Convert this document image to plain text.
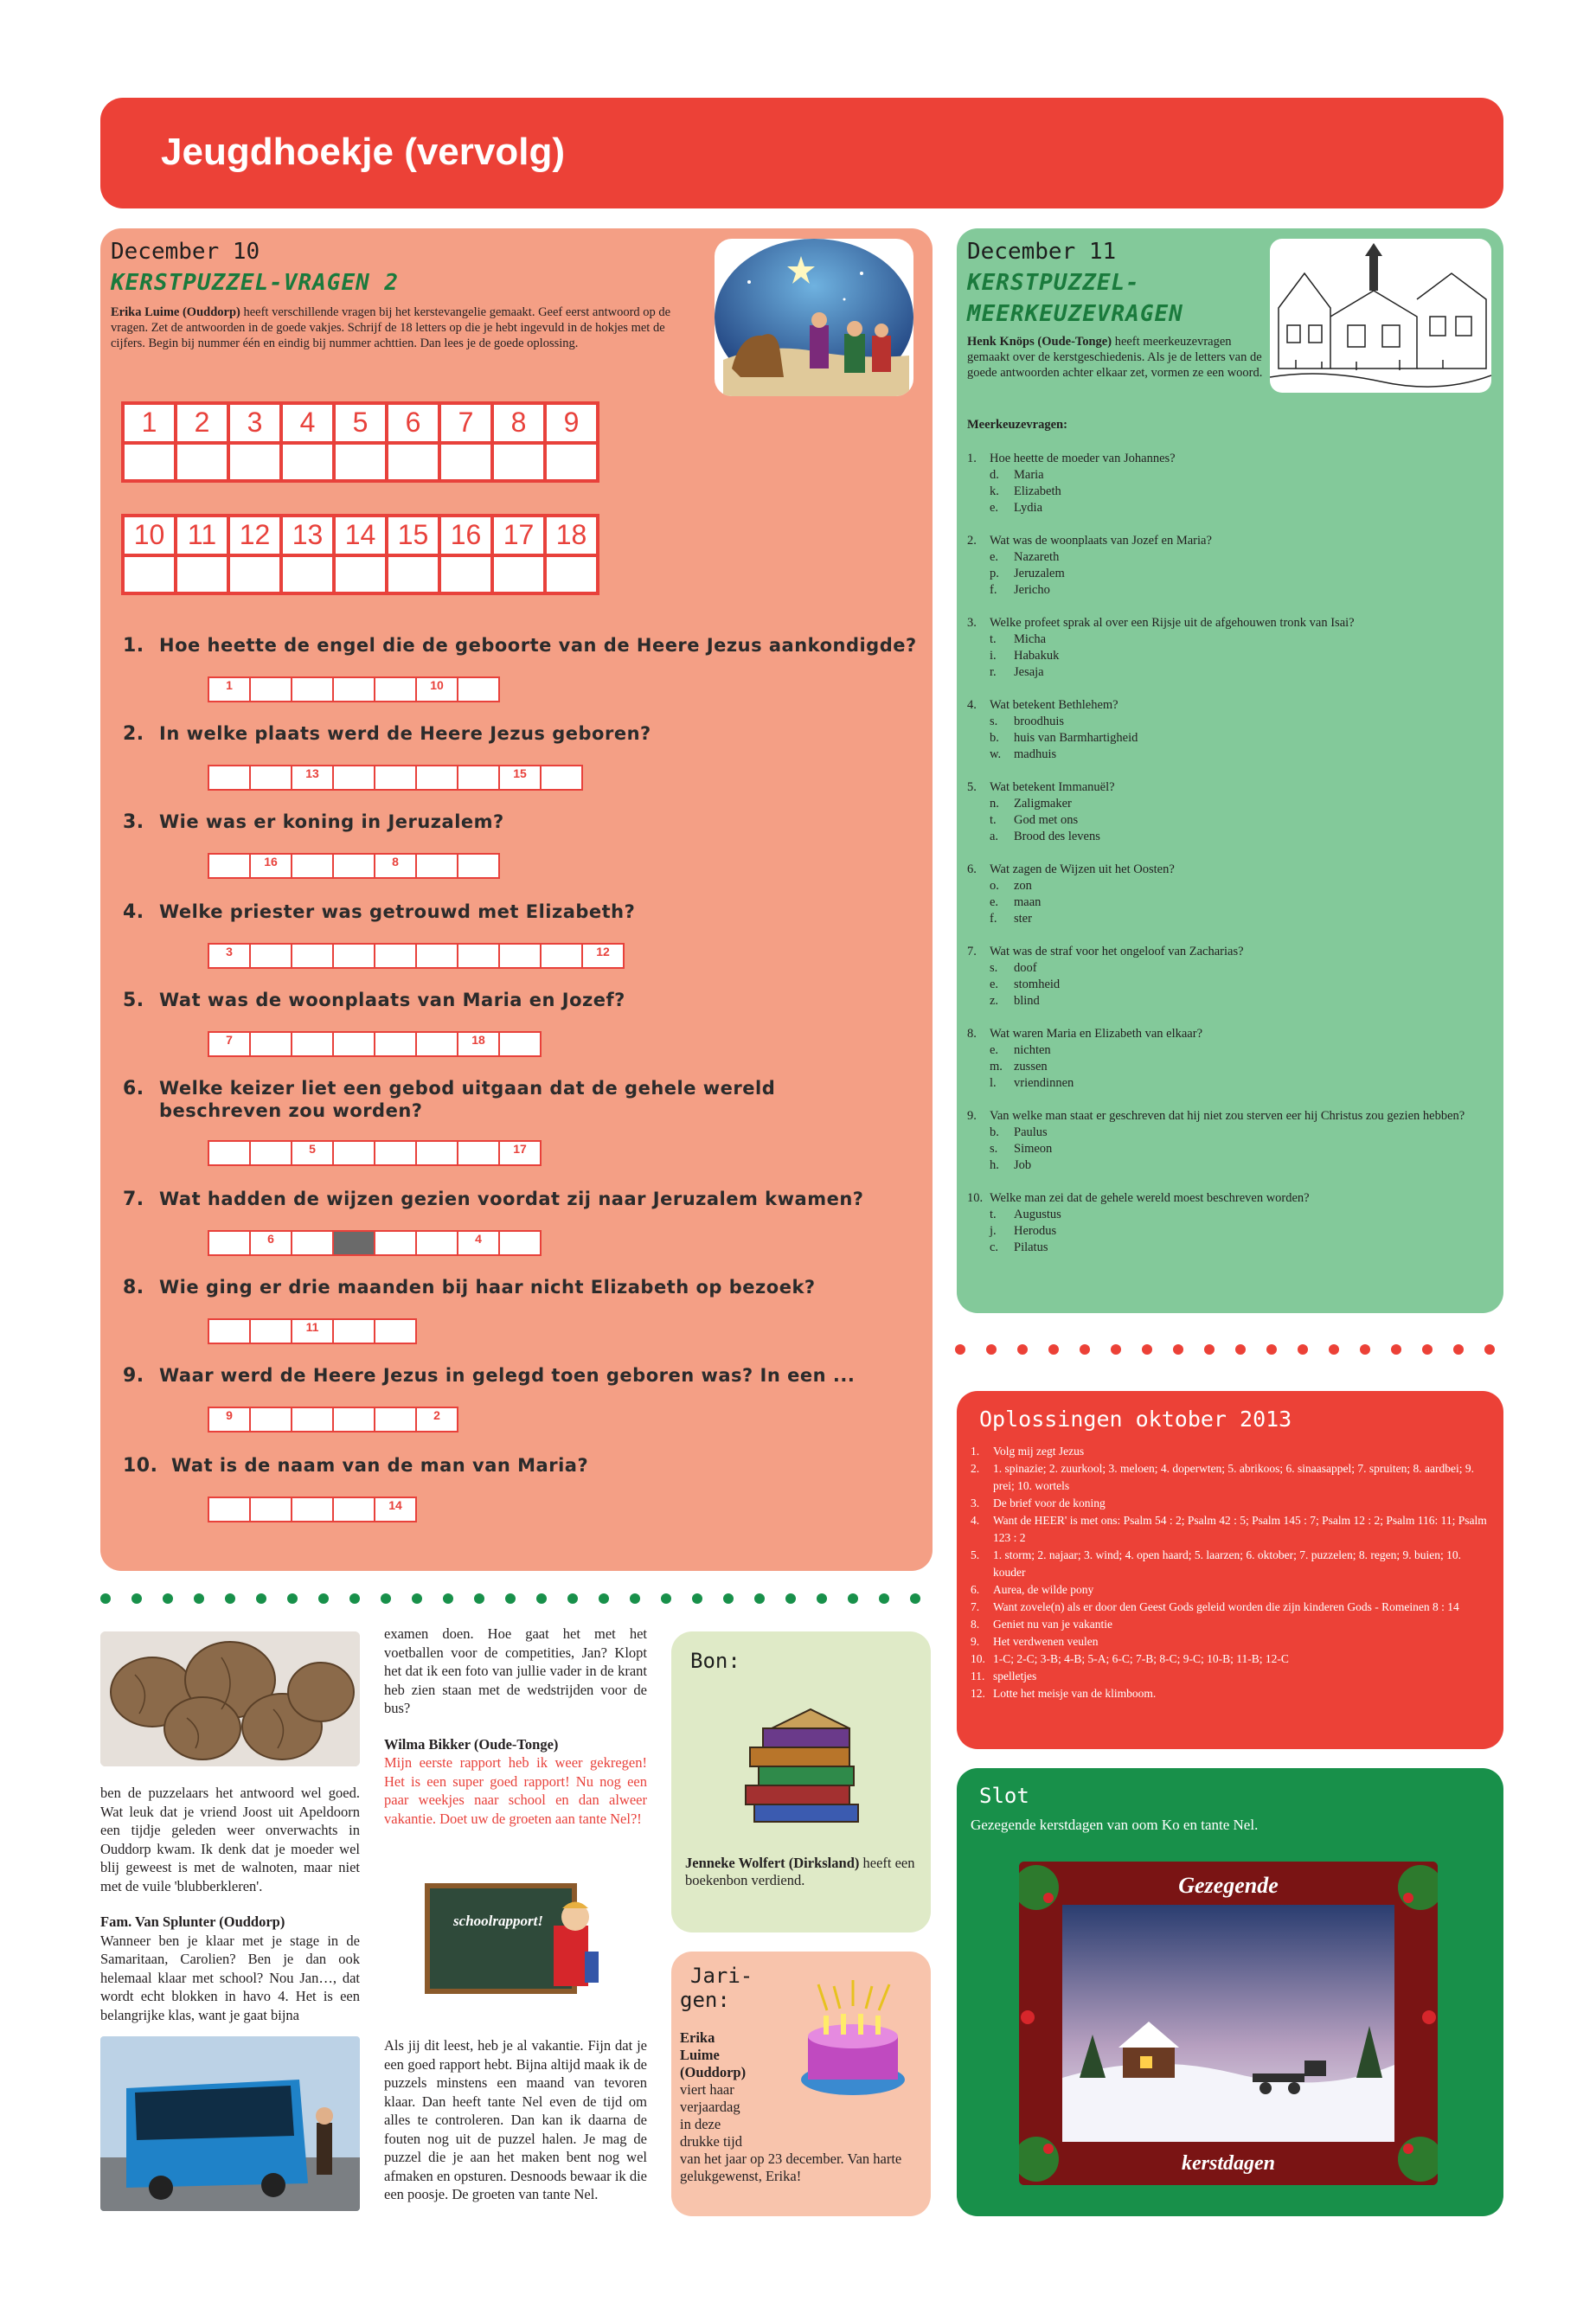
Jeugdhoekje (vervolg)
December 10
KERSTPUZZEL-VRAGEN 2
Erika Luime (Ouddorp) heeft verschillende vragen bij het kerstevangelie gemaakt. Geef eerst antwoord op de vragen. Zet de antwoorden in de goede vakjes. Schrijf de 18 letters op die je hebt ingevuld in de hokjes met de cijfers. Begin bij nummer één en eindig bij nummer achttien. Dan lees je de goede oplossing.
1	2	3	4	5	6	7	8	9
10 11 12 13 14 15 16 17 18
1. Hoe heette de engel die de geboorte van de Heere Jezus aankondigde?
1	10
2. In welke plaats werd de Heere Jezus geboren?
13	15
3. Wie was er koning in Jeruzalem?
16	8
4. Welke priester was getrouwd met Elizabeth?
3	12
5. Wat was de woonplaats van Maria en Jozef?
7	18
6. Welke keizer liet een gebod uitgaan dat de gehele wereld
beschreven zou worden?
5	17
7. Wat hadden de wijzen gezien voordat zij naar Jeruzalem kwamen?
6	4
8. Wie ging er drie maanden bij haar nicht Elizabeth op bezoek?
11
9. Waar werd de Heere Jezus in gelegd toen geboren was? In een ...
9	2
10. Wat is de naam van de man van Maria?
14
December 11
KERSTPUZZEL-
MEERKEUZEVRAGEN
Henk Knöps (Oude-Tonge) heeft meerkeuzevragen gemaakt over de kerstgeschiedenis. Als je de letters van de goede antwoorden achter elkaar zet, vormen ze een woord.
Meerkeuzevragen:
1.	Hoe heette de moeder van Johannes?
d.	Maria
k.	Elizabeth
e.	Lydia
2.	Wat was de woonplaats van Jozef en Maria?
e.	Nazareth
p.	Jeruzalem
f.	Jericho
3.	Welke profeet sprak al over een Rijsje uit de afgehouwen tronk van Isai?
t.	Micha
i.	Habakuk
r.	Jesaja
4.	Wat betekent Bethlehem?
s.	broodhuis
b.	huis van Barmhartigheid
w.	madhuis
5.	Wat betekent Immanuël?
n.	Zaligmaker
t.	God met ons
a.	Brood des levens
6.	Wat zagen de Wijzen uit het Oosten?
o.	zon
e.	maan
f.	ster
7.	Wat was de straf voor het ongeloof van Zacharias?
s.	doof
e.	stomheid
z.	blind
8.	Wat waren Maria en Elizabeth van elkaar?
e.	nichten
m. zussen
l.	vriendinnen
9.	Van welke man staat er geschreven dat hij niet zou sterven eer hij Christus zou gezien hebben?
b.	Paulus
s.	Simeon
h.	Job
10. Welke man zei dat de gehele wereld moest beschreven worden?
t.	Augustus
j.	Herodus
c.	Pilatus
Oplossingen oktober 2013
1.	Volg mij zegt Jezus
2.	1. spinazie; 2. zuurkool; 3. meloen; 4. doperwten; 5. abrikoos; 6. sinaasappel; 7. spruiten; 8. aardbei; 9. prei; 10. wortels
3.	De brief voor de koning
4.	Want de HEER' is met ons: Psalm 54 : 2; Psalm 42 : 5; Psalm 145 : 7; Psalm 12 : 2; Psalm 116: 11; Psalm 123 : 2
5.	1. storm; 2. najaar; 3. wind; 4. open haard; 5. laarzen; 6. oktober; 7. puzzelen; 8. regen; 9. buien; 10. kouder
6.	Aurea, de wilde pony
7.	Want zovele(n) als er door den Geest Gods geleid worden die zijn kinderen Gods - Romeinen 8 : 14
8.	Geniet nu van je vakantie
9.	Het verdwenen veulen
10. 1-C; 2-C; 3-B; 4-B; 5-A; 6-C; 7-B; 8-C; 9-C; 10-B; 11-B; 12-C
11. spelletjes
12. Lotte het meisje van de klimboom.
Slot
Gezegende kerstdagen van oom Ko en tante Nel.
Gezegende
kerstdagen

ben de puzzelaars het antwoord wel goed. Wat leuk dat je vriend Joost uit Apeldoorn een tijdje geleden weer onverwachts in Ouddorp kwam. Ik denk dat je moeder wel blij geweest is met de walnoten, maar niet met de vuile 'blubberkleren'.

Fam. Van Splunter (Ouddorp)

Wanneer ben je klaar met je stage in de Samaritaan, Carolien? Ben je dan ook helemaal klaar met school? Nou Jan…, dat wordt echt blokken in havo 4. Het is een belangrijke klas, want je gaat bijna

examen doen. Hoe gaat het met het voetballen voor de competities, Jan? Klopt het dat ik een foto van jullie vader in de krant heb zien staan met de wedstrijden voor de bus?

Wilma Bikker (Oude-Tonge)

Mijn eerste rapport heb ik weer gekregen! Het is een super goed rapport! Nu nog een paar weekjes naar school en dan alweer vakantie. Doet uw de groeten aan tante Nel?!

schoolrapport!

Als jij dit leest, heb je al vakantie. Fijn dat je een goed rapport hebt. Bijna altijd maak ik de puzzels minstens een maand van tevoren klaar. Dan heeft tante Nel even de tijd om alles te controleren. Dan kan ik daarna de fouten nog uit de puzzel halen. Je mag de puzzel die je aan het maken bent nog wel afmaken en opsturen. Desnoods bewaar ik die een poosje. De groeten van tante Nel.

Bon:
Jenneke Wolfert (Dirksland) heeft een boekenbon verdiend.
Jari-
gen:
Erika
Luime
(Ouddorp)
viert haar
verjaardag
in deze
drukke tijd
van het jaar op 23 december. Van harte gelukgewenst, Erika!
